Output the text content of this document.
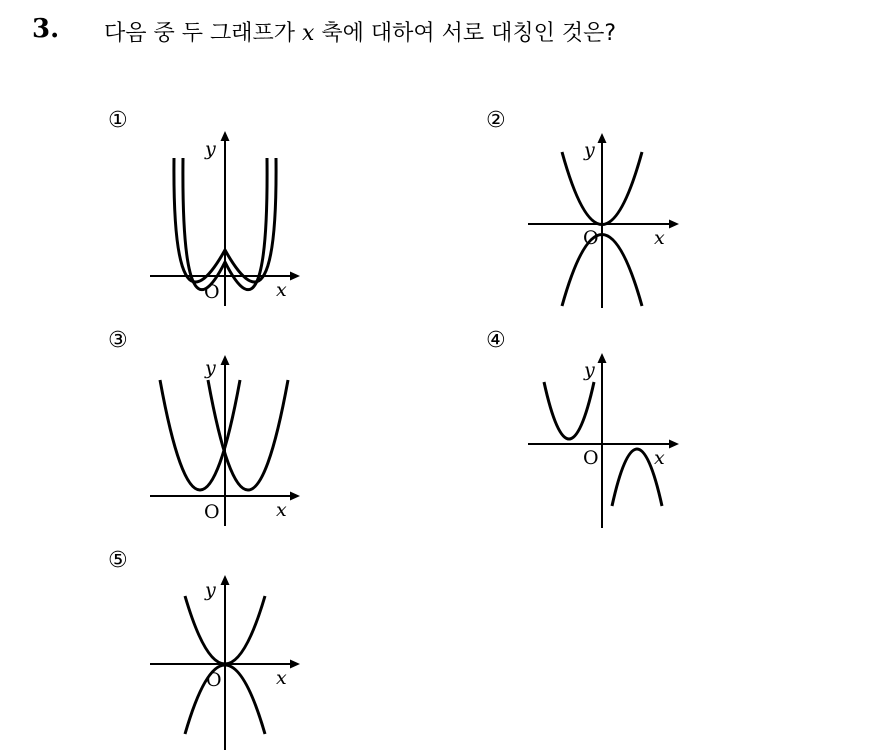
3. 다음 중 두 그래프가 x 축에 대하여 서로 대칭인 것은?
①
x
y
O
②
x
y
O
③
x
y
O
④
x
y
O
⑤
x
y
O
